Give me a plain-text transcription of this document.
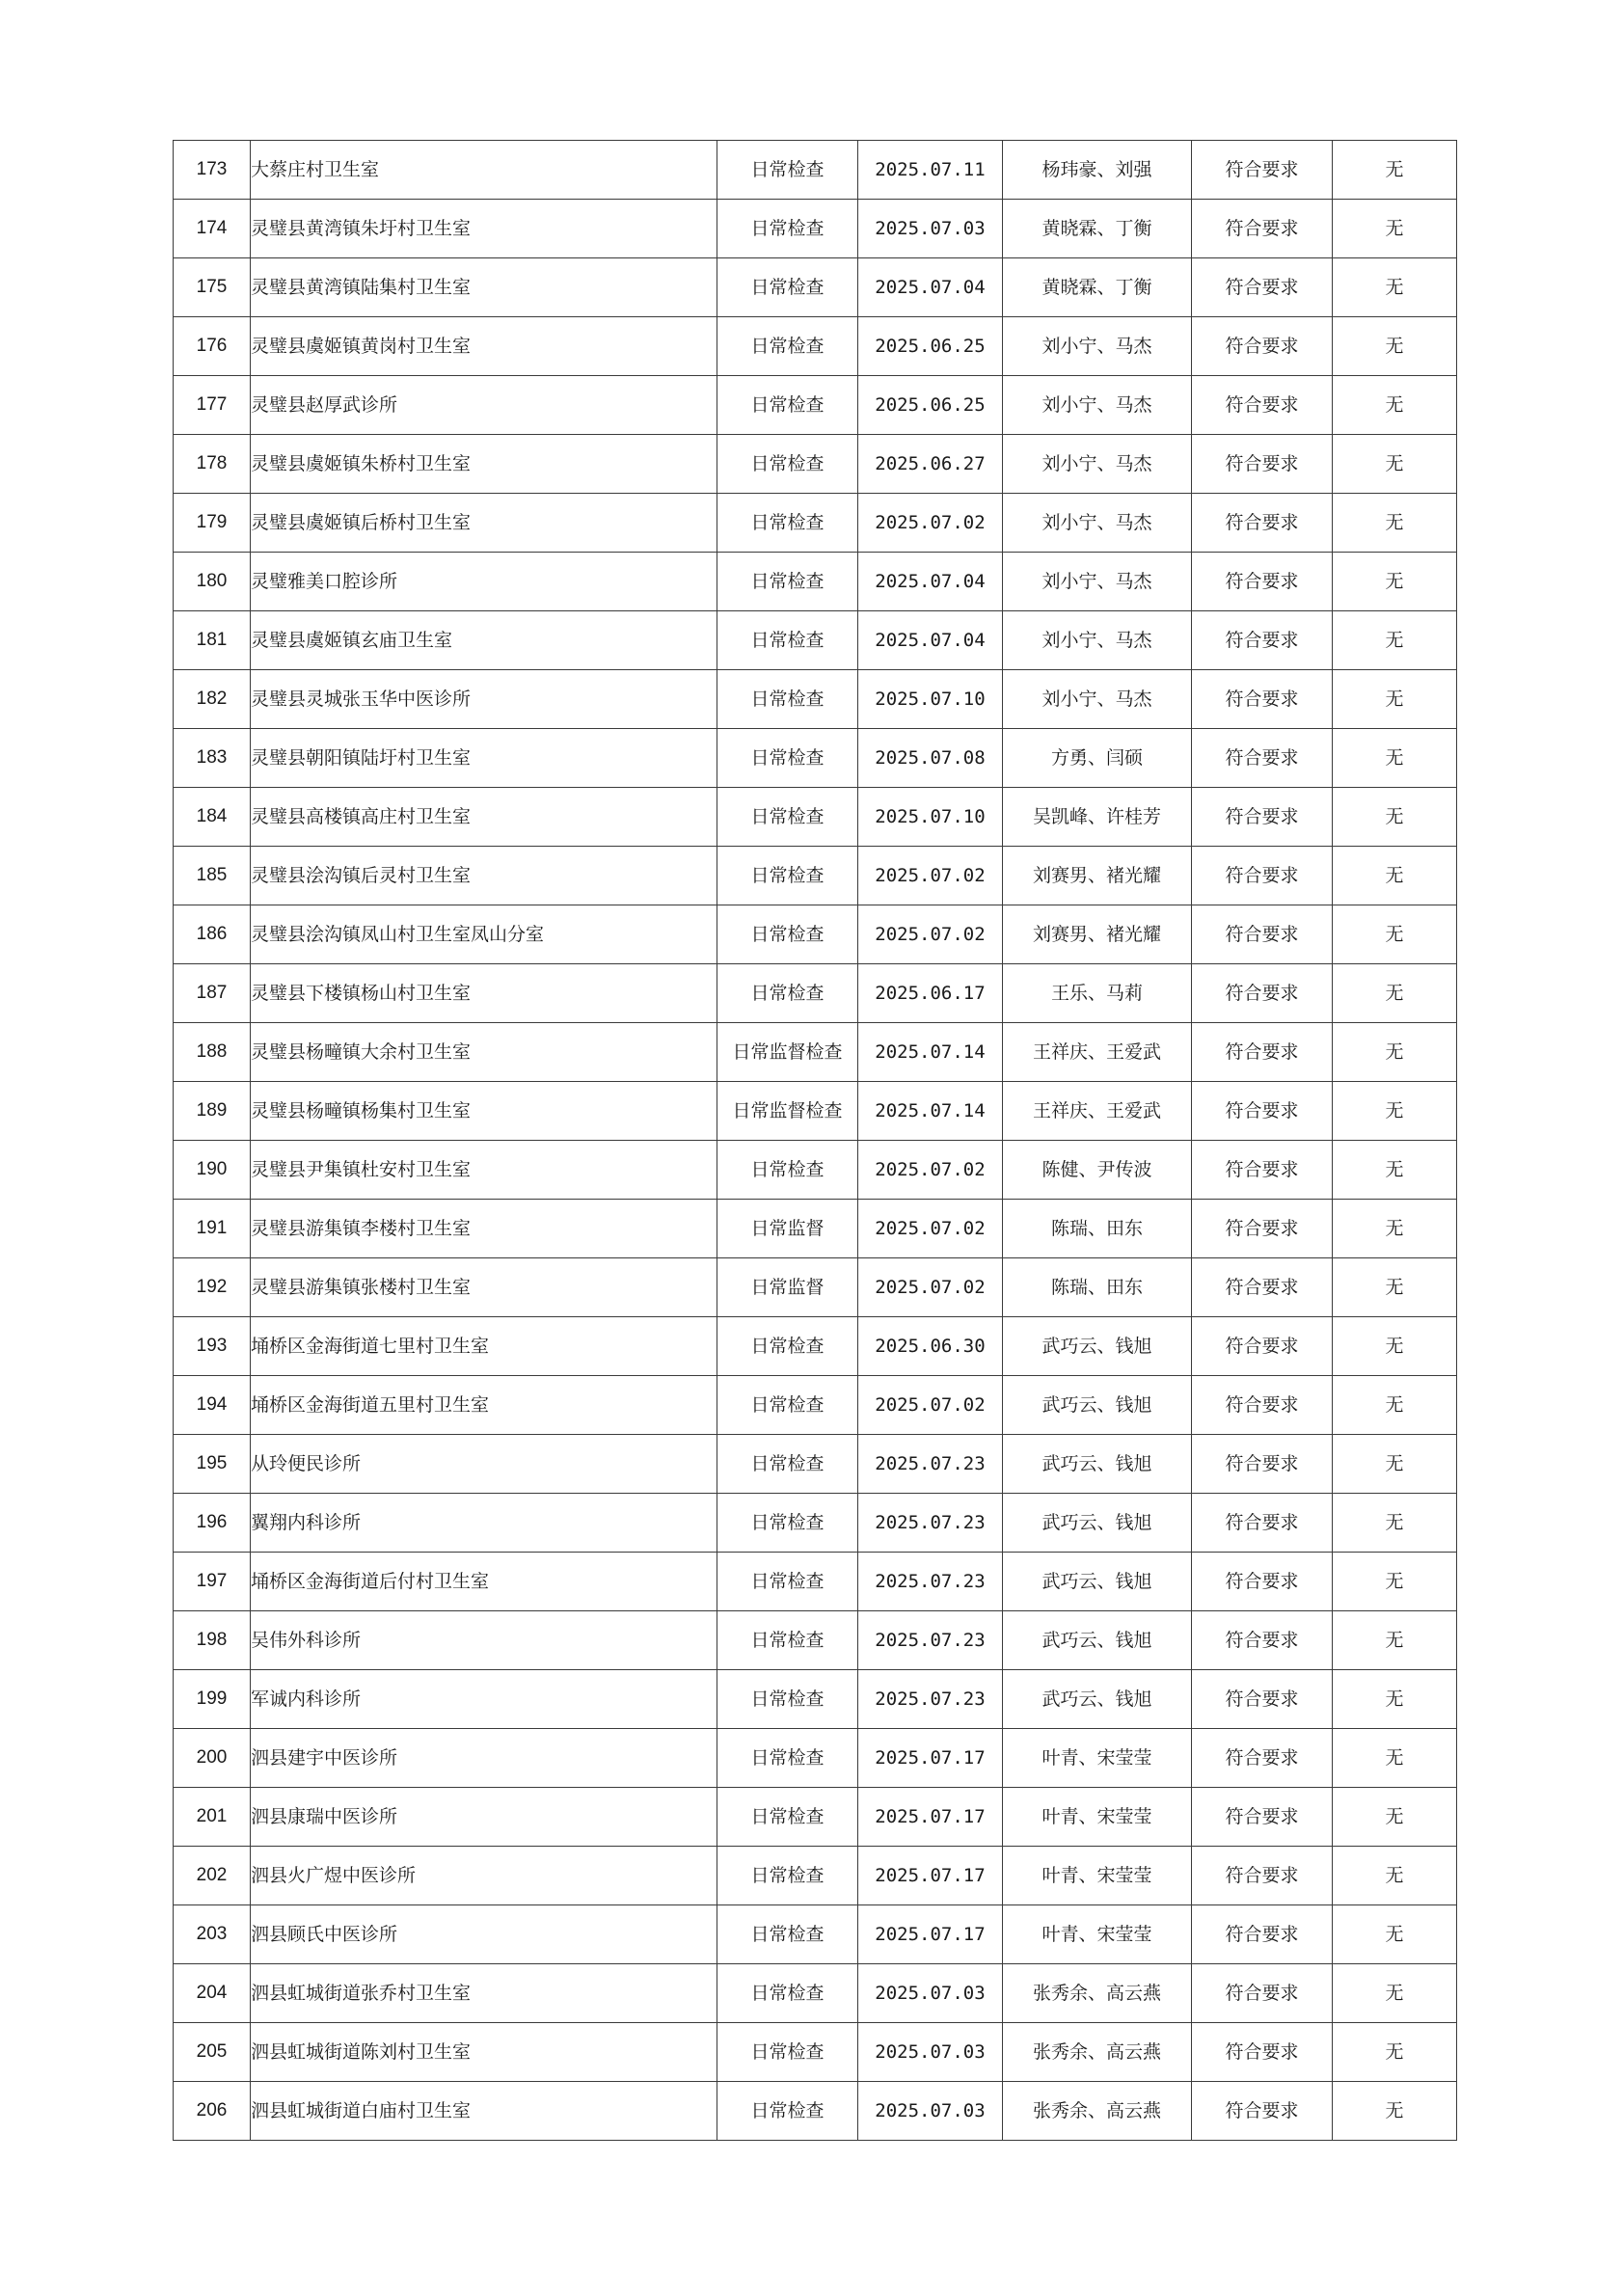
173	大蔡庄村卫生室	日常检查	2025.07.11	杨玮豪、刘强	符合要求	无
174	灵璧县黄湾镇朱圩村卫生室	日常检查	2025.07.03	黄晓霖、丁衡	符合要求	无
175	灵璧县黄湾镇陆集村卫生室	日常检查	2025.07.04	黄晓霖、丁衡	符合要求	无
176	灵璧县虞姬镇黄岗村卫生室	日常检查	2025.06.25	刘小宁、马杰	符合要求	无
177	灵璧县赵厚武诊所	日常检查	2025.06.25	刘小宁、马杰	符合要求	无
178	灵璧县虞姬镇朱桥村卫生室	日常检查	2025.06.27	刘小宁、马杰	符合要求	无
179	灵璧县虞姬镇后桥村卫生室	日常检查	2025.07.02	刘小宁、马杰	符合要求	无
180	灵璧雅美口腔诊所	日常检查	2025.07.04	刘小宁、马杰	符合要求	无
181	灵璧县虞姬镇玄庙卫生室	日常检查	2025.07.04	刘小宁、马杰	符合要求	无
182	灵璧县灵城张玉华中医诊所	日常检查	2025.07.10	刘小宁、马杰	符合要求	无
183	灵璧县朝阳镇陆圩村卫生室	日常检查	2025.07.08	方勇、闫硕	符合要求	无
184	灵璧县高楼镇高庄村卫生室	日常检查	2025.07.10	吴凯峰、许桂芳	符合要求	无
185	灵璧县浍沟镇后灵村卫生室	日常检查	2025.07.02	刘赛男、褚光耀	符合要求	无
186	灵璧县浍沟镇凤山村卫生室凤山分室	日常检查	2025.07.02	刘赛男、褚光耀	符合要求	无
187	灵璧县下楼镇杨山村卫生室	日常检查	2025.06.17	王乐、马莉	符合要求	无
188	灵璧县杨疃镇大余村卫生室	日常监督检查	2025.07.14	王祥庆、王爱武	符合要求	无
189	灵璧县杨疃镇杨集村卫生室	日常监督检查	2025.07.14	王祥庆、王爱武	符合要求	无
190	灵璧县尹集镇杜安村卫生室	日常检查	2025.07.02	陈健、尹传波	符合要求	无
191	灵璧县游集镇李楼村卫生室	日常监督	2025.07.02	陈瑞、田东	符合要求	无
192	灵璧县游集镇张楼村卫生室	日常监督	2025.07.02	陈瑞、田东	符合要求	无
193	埇桥区金海街道七里村卫生室	日常检查	2025.06.30	武巧云、钱旭	符合要求	无
194	埇桥区金海街道五里村卫生室	日常检查	2025.07.02	武巧云、钱旭	符合要求	无
195	从玲便民诊所	日常检查	2025.07.23	武巧云、钱旭	符合要求	无
196	翼翔内科诊所	日常检查	2025.07.23	武巧云、钱旭	符合要求	无
197	埇桥区金海街道后付村卫生室	日常检查	2025.07.23	武巧云、钱旭	符合要求	无
198	吴伟外科诊所	日常检查	2025.07.23	武巧云、钱旭	符合要求	无
199	军诚内科诊所	日常检查	2025.07.23	武巧云、钱旭	符合要求	无
200	泗县建宇中医诊所	日常检查	2025.07.17	叶青、宋莹莹	符合要求	无
201	泗县康瑞中医诊所	日常检查	2025.07.17	叶青、宋莹莹	符合要求	无
202	泗县火广煜中医诊所	日常检查	2025.07.17	叶青、宋莹莹	符合要求	无
203	泗县顾氏中医诊所	日常检查	2025.07.17	叶青、宋莹莹	符合要求	无
204	泗县虹城街道张乔村卫生室	日常检查	2025.07.03	张秀余、高云燕	符合要求	无
205	泗县虹城街道陈刘村卫生室	日常检查	2025.07.03	张秀余、高云燕	符合要求	无
206	泗县虹城街道白庙村卫生室	日常检查	2025.07.03	张秀余、高云燕	符合要求	无
